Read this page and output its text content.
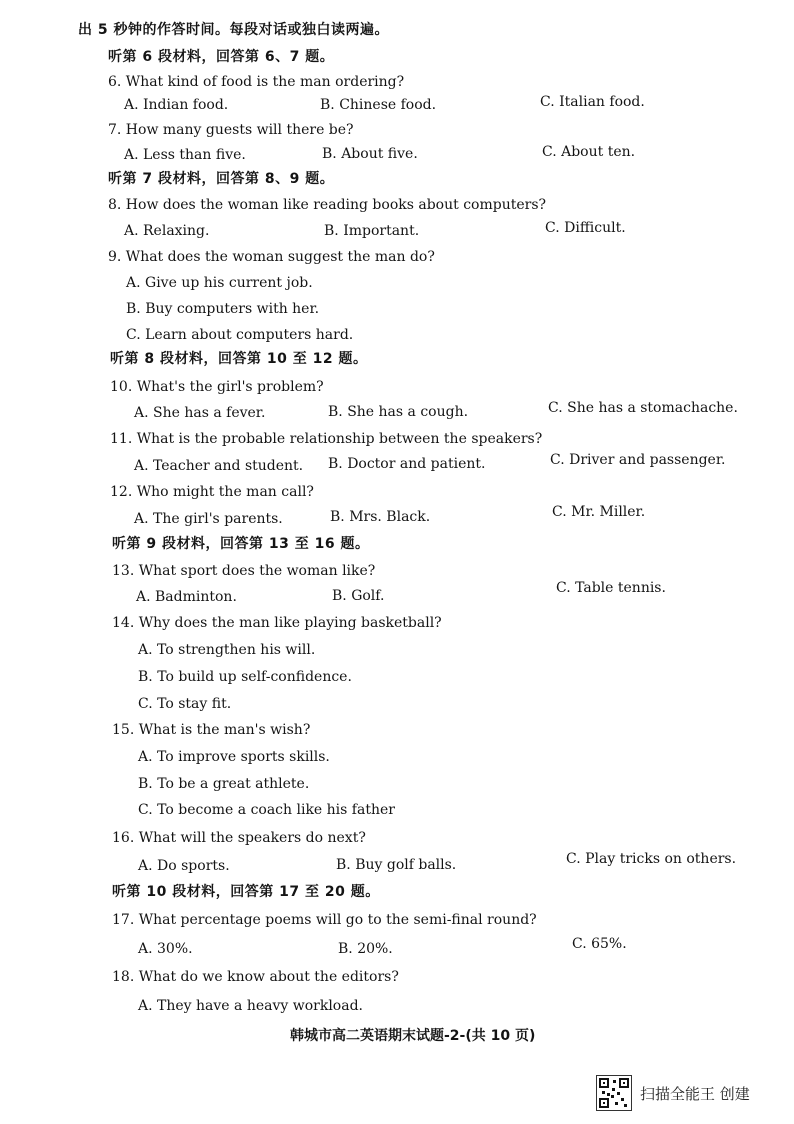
出 5 秒钟的作答时间。每段对话或独白读两遍。
听第 6 段材料，回答第 6、7 题。
6. What kind of food is the man ordering?
A. Indian food.	B. Chinese food.	C. Italian food.
7. How many guests will there be?
A. Less than five.	B. About five.	C. About ten.
听第 7 段材料，回答第 8、9 题。
8. How does the woman like reading books about computers?
A. Relaxing.	B. Important.	C. Difficult.
9. What does the woman suggest the man do?
A. Give up his current job.
B. Buy computers with her.
C. Learn about computers hard.
听第 8 段材料，回答第 10 至 12 题。
10. What's the girl's problem?
A. She has a fever.	B. She has a cough.	C. She has a stomachache.
11. What is the probable relationship between the speakers?
A. Teacher and student. B. Doctor and patient.	C. Driver and passenger.
12. Who might the man call?
A. The girl's parents.	B. Mrs. Black.	C. Mr. Miller.
听第 9 段材料，回答第 13 至 16 题。
13. What sport does the woman like?
A. Badminton.	B. Golf.	C. Table tennis.
14. Why does the man like playing basketball?
A. To strengthen his will.
B. To build up self-confidence.
C. To stay fit.
15. What is the man's wish?
A. To improve sports skills.
B. To be a great athlete.
C. To become a coach like his father
16. What will the speakers do next?
A. Do sports.	B. Buy golf balls.	C. Play tricks on others.
听第 10 段材料，回答第 17 至 20 题。
17. What percentage poems will go to the semi-final round?
A. 30%.	B. 20%.	C. 65%.
18. What do we know about the editors?
A. They have a heavy workload.
韩城市高二英语期末试题-2-(共 10 页)
扫描全能王 创建
